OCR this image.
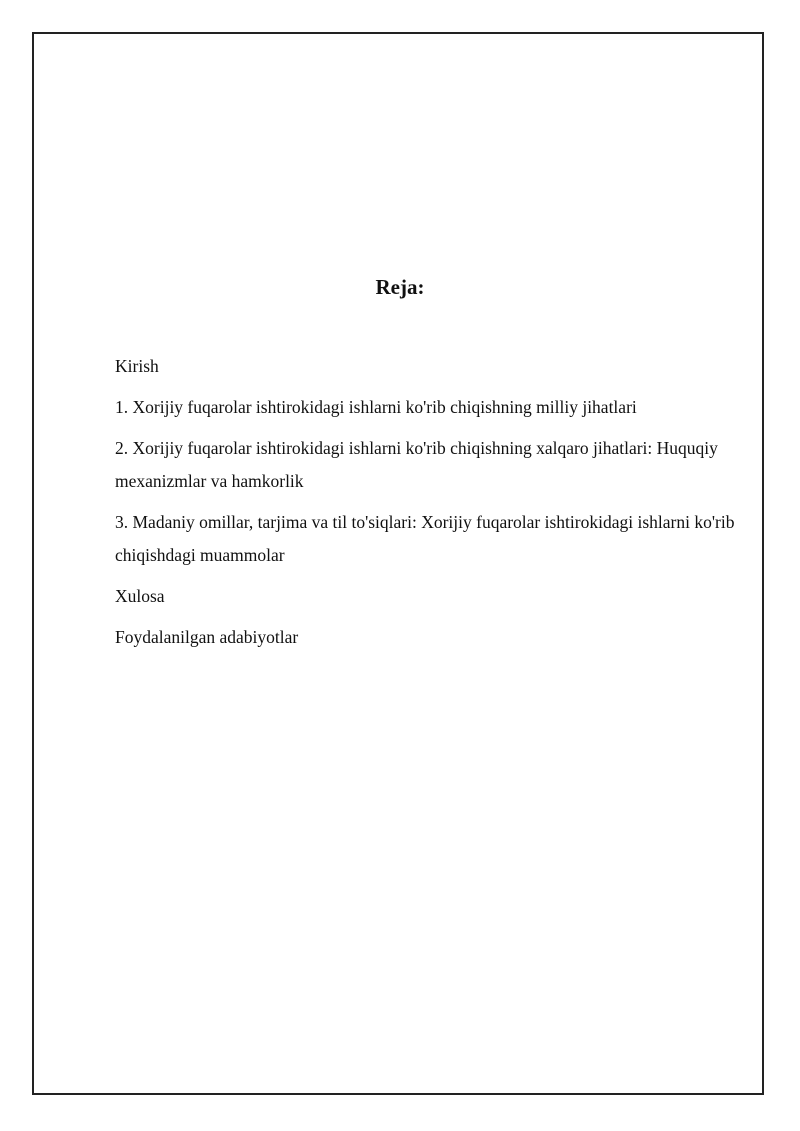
Reja:
Kirish
1. Xorijiy fuqarolar ishtirokidagi ishlarni ko'rib chiqishning milliy jihatlari
2. Xorijiy fuqarolar ishtirokidagi ishlarni ko'rib chiqishning xalqaro jihatlari: Huquqiy mexanizmlar va hamkorlik
3. Madaniy omillar, tarjima va til to'siqlari: Xorijiy fuqarolar ishtirokidagi ishlarni ko'rib chiqishdagi muammolar
Xulosa
Foydalanilgan adabiyotlar
